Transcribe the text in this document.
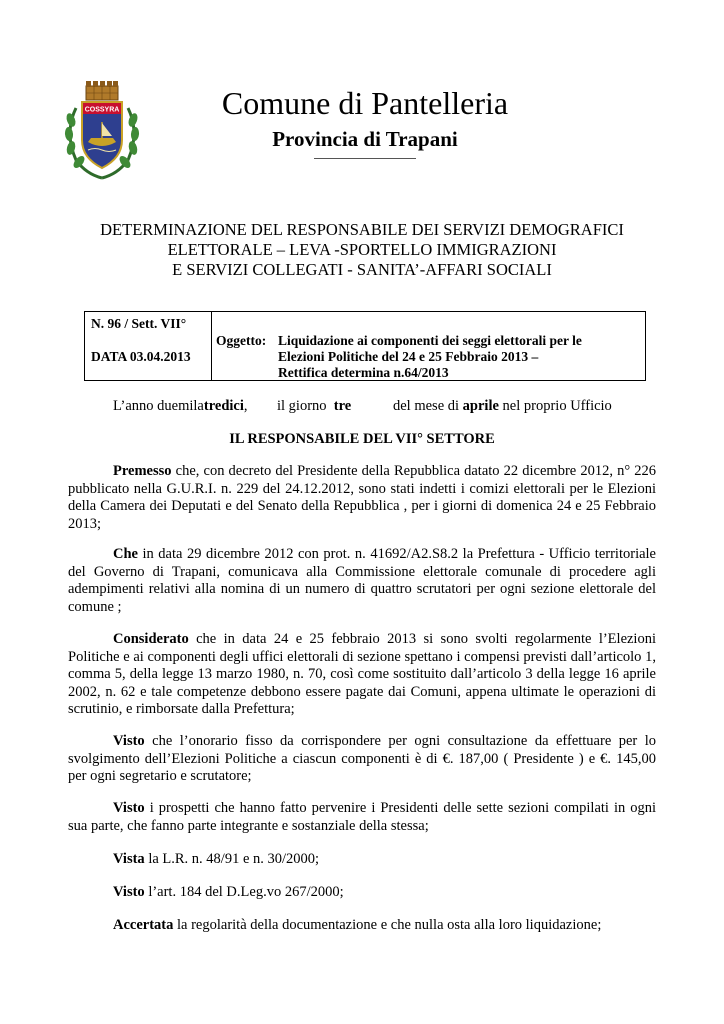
COSSYRA	Comune di Pantelleria
Provincia di Trapani
DETERMINAZIONE DEL RESPONSABILE DEI SERVIZI DEMOGRAFICI
ELETTORALE – LEVA -SPORTELLO IMMIGRAZIONI
E SERVIZI COLLEGATI - SANITA’-AFFARI SOCIALI
N. 96 / Sett. VII°
DATA 03.04.2013
Oggetto: Liquidazione ai componenti dei seggi elettorali per le
Elezioni Politiche del 24 e 25 Febbraio 2013 –
Rettifica determina n.64/2013
L’anno duemilatredici, il giorno tre	del mese di aprile nel proprio Ufficio
IL RESPONSABILE DEL VII° SETTORE
Premesso che, con decreto del Presidente della Repubblica datato 22 dicembre 2012, n° 226 pubblicato nella G.U.R.I. n. 229 del 24.12.2012, sono stati indetti i comizi elettorali per le Elezioni della Camera dei Deputati e del Senato della Repubblica , per i giorni di domenica 24 e 25 Febbraio 2013;
Che in data 29 dicembre 2012 con prot. n. 41692/A2.S8.2 la Prefettura - Ufficio territoriale del Governo di Trapani, comunicava alla Commissione elettorale comunale di procedere agli adempimenti relativi alla nomina di un numero di quattro scrutatori per ogni sezione elettorale del comune ;
Considerato che in data 24 e 25 febbraio 2013 si sono svolti regolarmente l’Elezioni Politiche e ai componenti degli uffici elettorali di sezione spettano i compensi previsti dall’articolo 1, comma 5, della legge 13 marzo 1980, n. 70, così come sostituito dall’articolo 3 della legge 16 aprile 2002, n. 62 e tale competenze debbono essere pagate dai Comuni, appena ultimate le operazioni di scrutinio, e rimborsate dalla Prefettura;
Visto che l’onorario fisso da corrispondere per ogni consultazione da effettuare per lo svolgimento dell’Elezioni Politiche a ciascun componenti è di €. 187,00 ( Presidente ) e €. 145,00 per ogni segretario e scrutatore;
Visto i prospetti che hanno fatto pervenire i Presidenti delle sette sezioni compilati in ogni sua parte, che fanno parte integrante e sostanziale della stessa;
Vista la L.R. n. 48/91 e n. 30/2000;
Visto l’art. 184 del D.Leg.vo 267/2000;
Accertata la regolarità della documentazione e che nulla osta alla loro liquidazione;
